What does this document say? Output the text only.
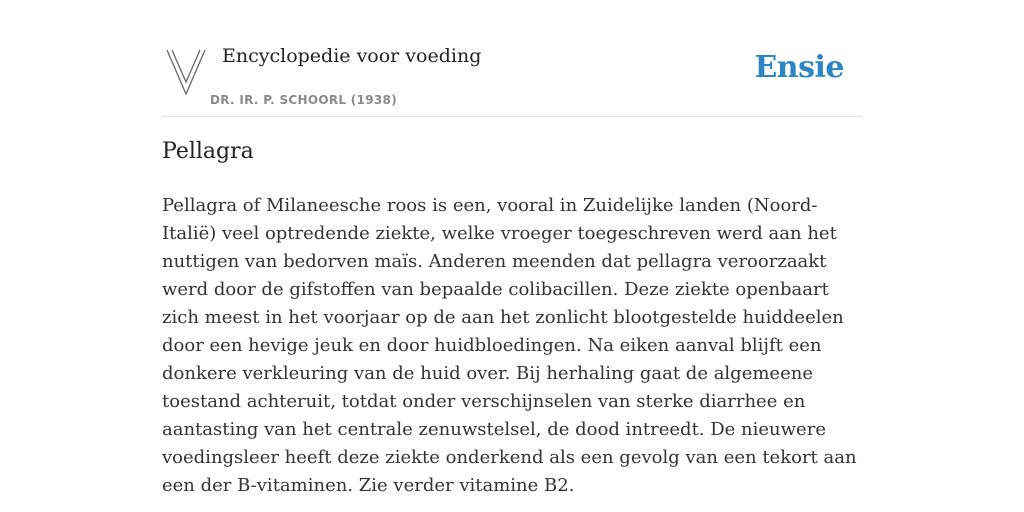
Encyclopedie voor voeding
DR. IR. P. SCHOORL (1938)
Ensie
Pellagra

Pellagra of Milaneesche roos is een, vooral in Zuidelijke landen (Noord-Italië) veel optredende ziekte, welke vroeger toegeschreven werd aan het nuttigen van bedorven maïs. Anderen meenden dat pellagra veroorzaakt werd door de gifstoffen van bepaalde colibacillen. Deze ziekte openbaart zich meest in het voorjaar op de aan het zonlicht blootgestelde huiddeelen door een hevige jeuk en door huidbloedingen. Na eiken aanval blijft een donkere verkleuring van de huid over. Bij herhaling gaat de algemeene toestand achteruit, totdat onder verschijnselen van sterke diarrhee en aantasting van het centrale zenuwstelsel, de dood intreedt. De nieuwere voedingsleer heeft deze ziekte onderkend als een gevolg van een tekort aan een der B-vitaminen. Zie verder vitamine B2.
